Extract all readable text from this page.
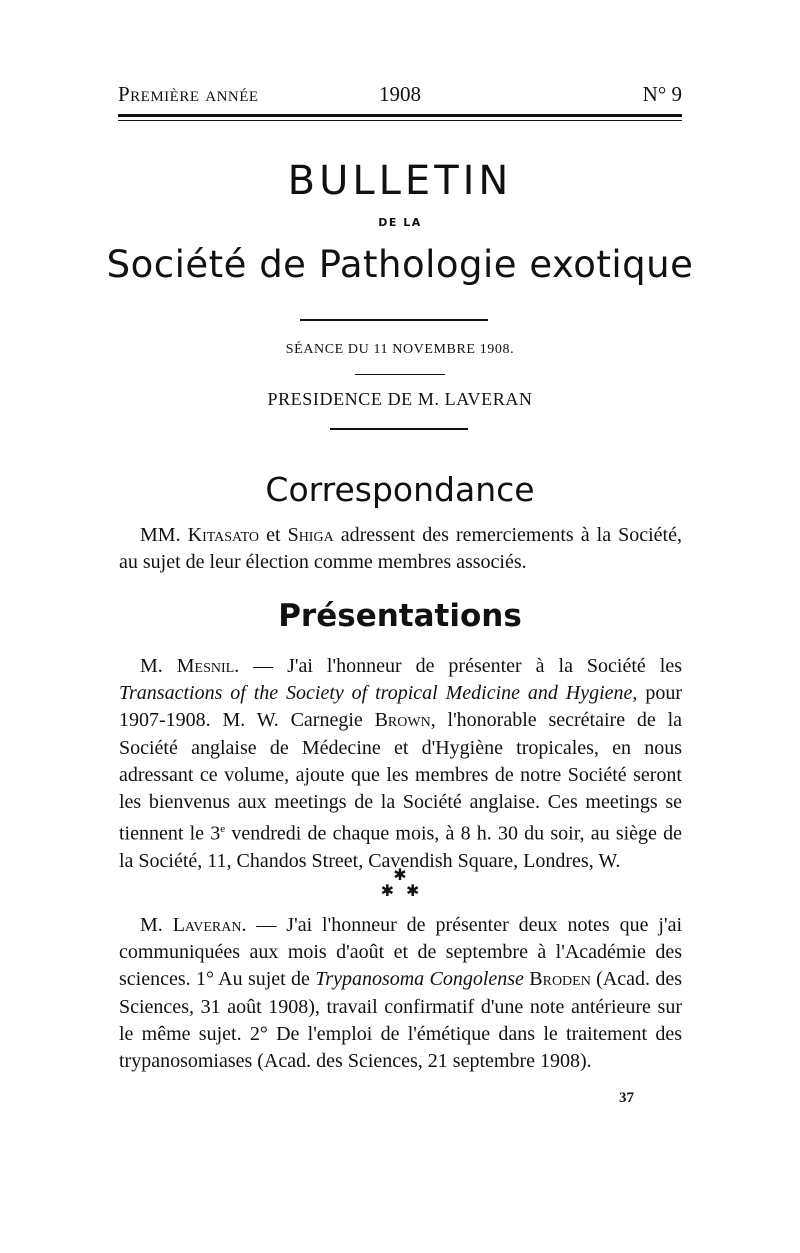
Première année	1908	N° 9
BULLETIN
DE LA
Société de Pathologie exotique
SÉANCE DU 11 NOVEMBRE 1908.
PRESIDENCE DE M. LAVERAN
Correspondance
MM. Kitasato et Shiga adressent des remerciements à la Société, au sujet de leur élection comme membres associés.
Présentations
M. Mesnil. — J'ai l'honneur de présenter à la Société les Transactions of the Society of tropical Medicine and Hygiene, pour 1907-1908. M. W. Carnegie Brown, l'honorable secrétaire de la Société anglaise de Médecine et d'Hygiène tropicales, en nous adressant ce volume, ajoute que les membres de notre Société seront les bienvenus aux meetings de la Société anglaise. Ces meetings se tiennent le 3e vendredi de chaque mois, à 8 h. 30 du soir, au siège de la Société, 11, Chandos Street, Cavendish Square, Londres, W.
✱
✱   ✱
M. Laveran. — J'ai l'honneur de présenter deux notes que j'ai communiquées aux mois d'août et de septembre à l'Académie des sciences. 1° Au sujet de Trypanosoma Congolense Broden (Acad. des Sciences, 31 août 1908), travail confirmatif d'une note antérieure sur le même sujet. 2° De l'emploi de l'émétique dans le traitement des trypanosomiases (Acad. des Sciences, 21 septembre 1908).
37
